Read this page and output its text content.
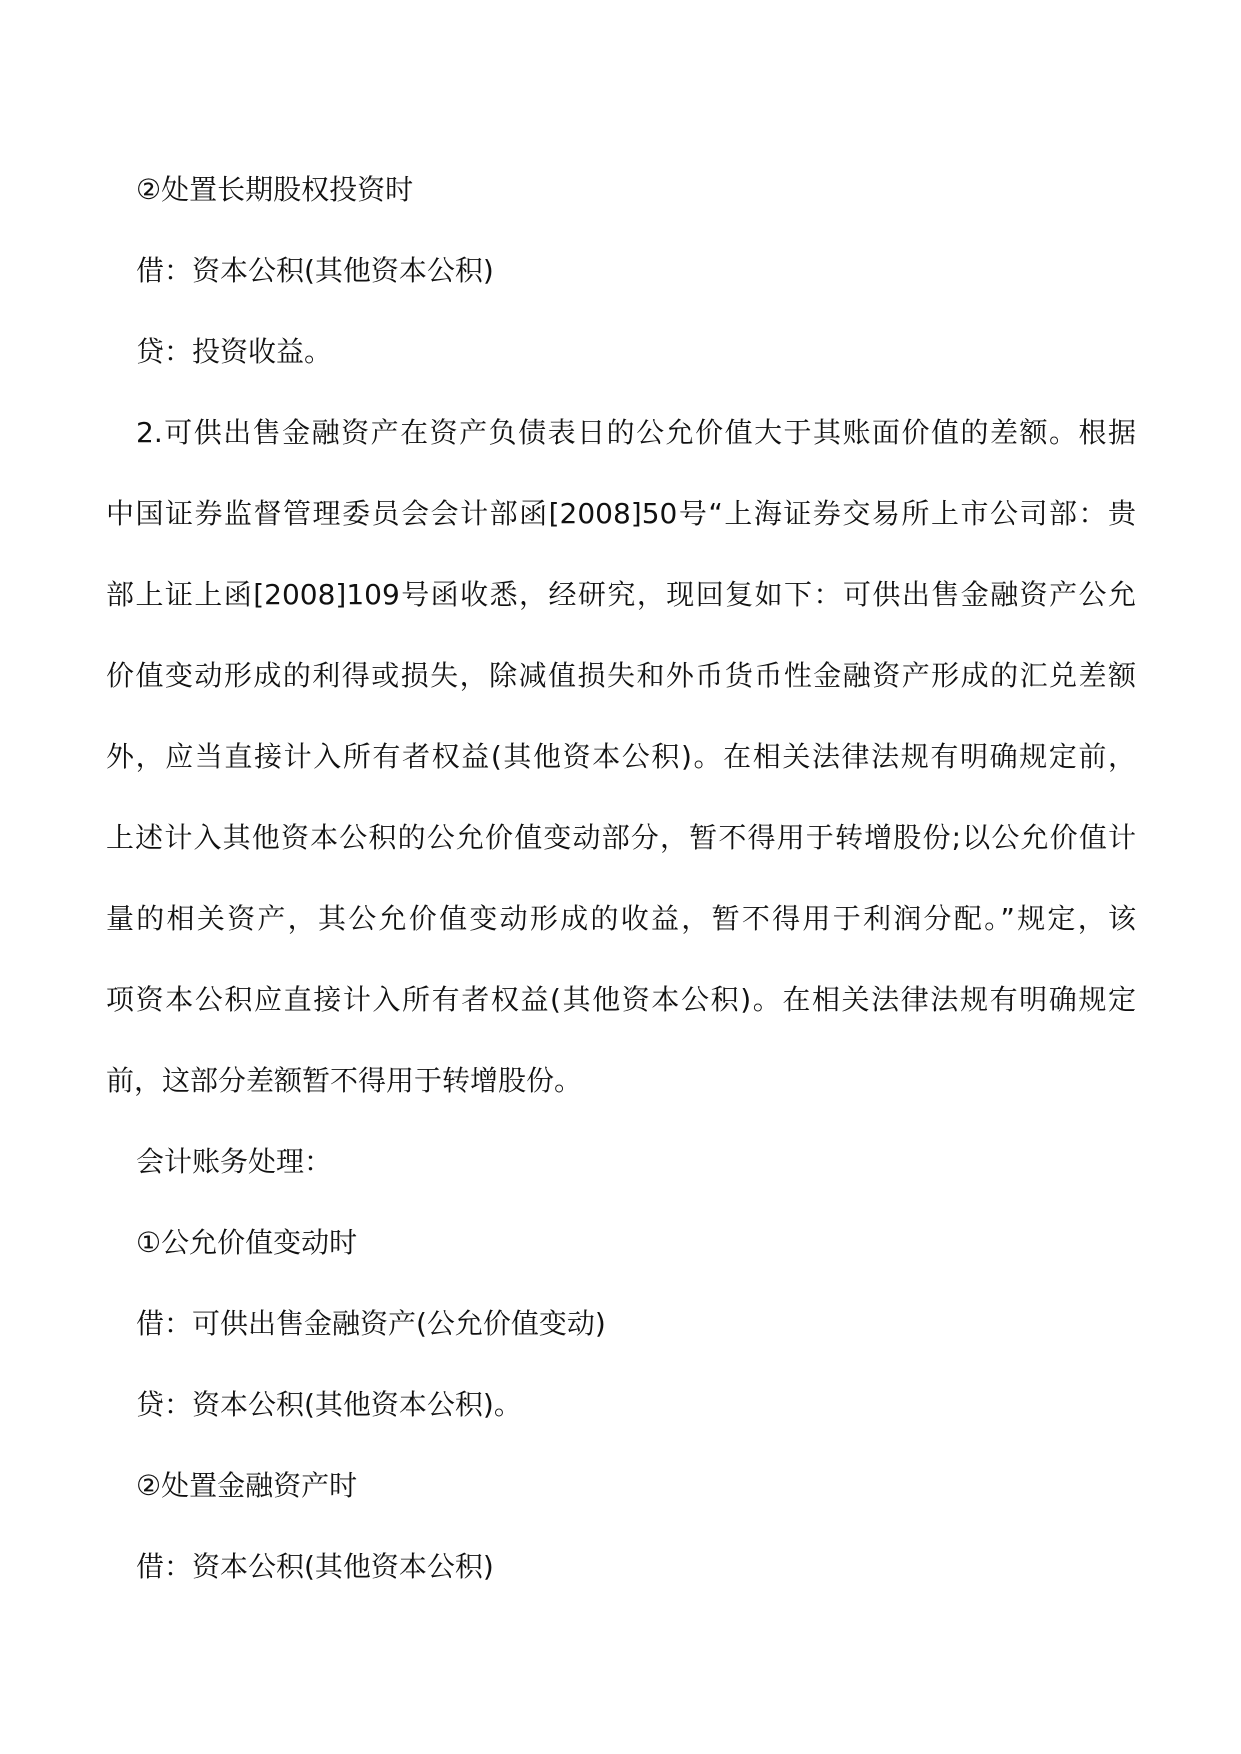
②处置长期股权投资时
借：资本公积(其他资本公积)
贷：投资收益。
2.可供出售金融资产在资产负债表日的公允价值大于其账面价值的差额。根据
中国证券监督管理委员会会计部函[2008]50号“上海证券交易所上市公司部：贵
部上证上函[2008]109号函收悉，经研究，现回复如下：可供出售金融资产公允
价值变动形成的利得或损失，除减值损失和外币货币性金融资产形成的汇兑差额
外，应当直接计入所有者权益(其他资本公积)。在相关法律法规有明确规定前，
上述计入其他资本公积的公允价值变动部分，暂不得用于转增股份;以公允价值计
量的相关资产，其公允价值变动形成的收益，暂不得用于利润分配。”规定，该
项资本公积应直接计入所有者权益(其他资本公积)。在相关法律法规有明确规定
前，这部分差额暂不得用于转增股份。
会计账务处理：
①公允价值变动时
借：可供出售金融资产(公允价值变动)
贷：资本公积(其他资本公积)。
②处置金融资产时
借：资本公积(其他资本公积)
